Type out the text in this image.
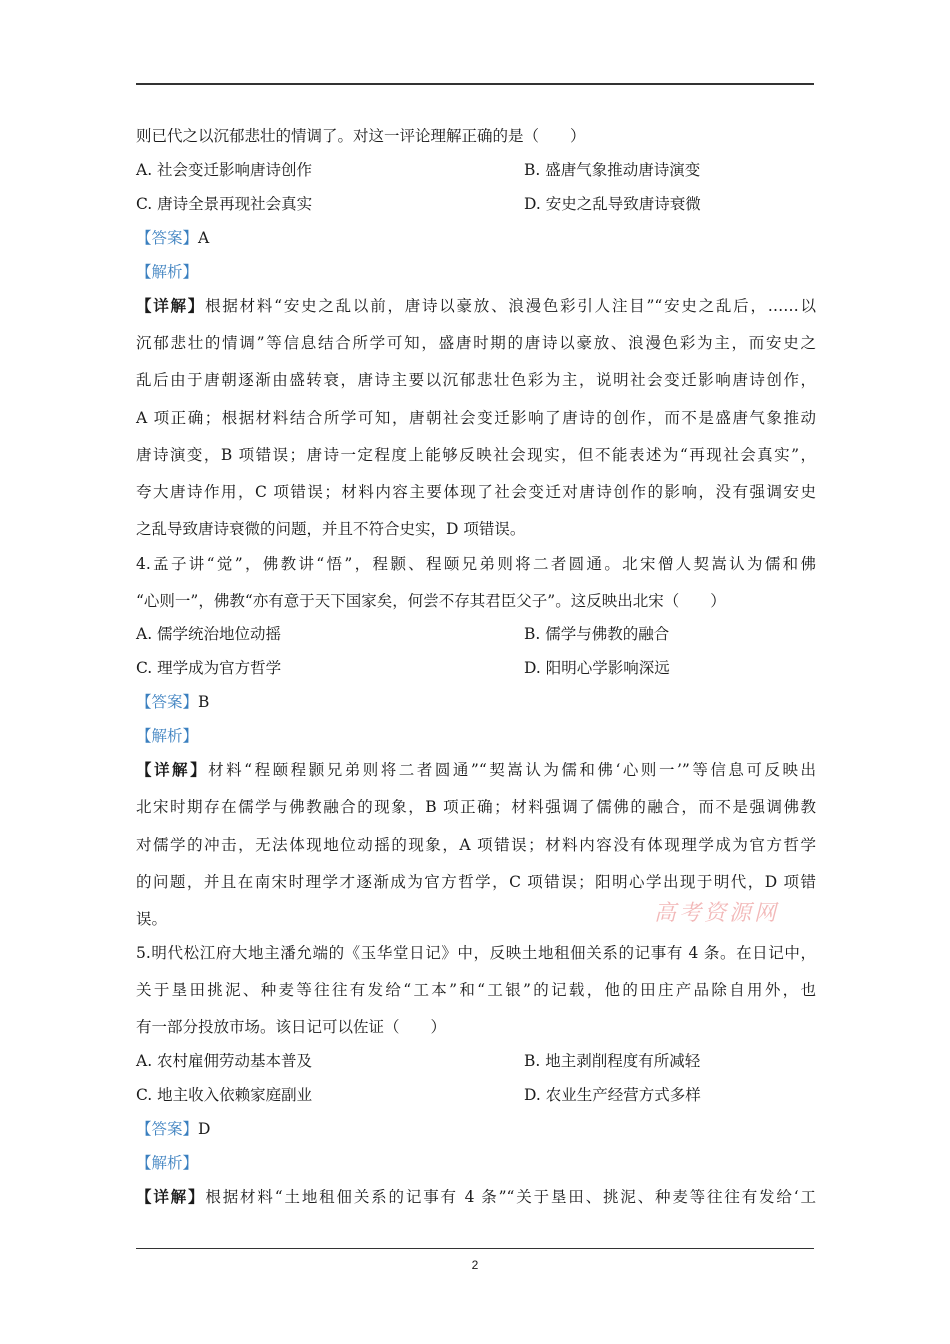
则已代之以沉郁悲壮的情调了。对这一评论理解正确的是（　　）
A. 社会变迁影响唐诗创作	B. 盛唐气象推动唐诗演变
C. 唐诗全景再现社会真实	D. 安史之乱导致唐诗衰微
【答案】A
【解析】
【详解】根据材料“安史之乱以前，唐诗以豪放、浪漫色彩引人注目”“安史之乱后，……以
沉郁悲壮的情调”等信息结合所学可知，盛唐时期的唐诗以豪放、浪漫色彩为主，而安史之
乱后由于唐朝逐渐由盛转衰，唐诗主要以沉郁悲壮色彩为主，说明社会变迁影响唐诗创作，
A 项正确；根据材料结合所学可知，唐朝社会变迁影响了唐诗的创作，而不是盛唐气象推动
唐诗演变，B 项错误；唐诗一定程度上能够反映社会现实，但不能表述为“再现社会真实”，
夸大唐诗作用，C 项错误；材料内容主要体现了社会变迁对唐诗创作的影响，没有强调安史
之乱导致唐诗衰微的问题，并且不符合史实，D 项错误。
4.孟子讲“觉”，佛教讲“悟”，程颢、程颐兄弟则将二者圆通。北宋僧人契嵩认为儒和佛
“心则一”，佛教“亦有意于天下国家矣，何尝不存其君臣父子”。这反映出北宋（　　）
A. 儒学统治地位动摇	B. 儒学与佛教的融合
C. 理学成为官方哲学	D. 阳明心学影响深远
【答案】B
【解析】
【详解】材料“程颐程颢兄弟则将二者圆通”“契嵩认为儒和佛‘心则一’”等信息可反映出
北宋时期存在儒学与佛教融合的现象，B 项正确；材料强调了儒佛的融合，而不是强调佛教
对儒学的冲击，无法体现地位动摇的现象，A 项错误；材料内容没有体现理学成为官方哲学
的问题，并且在南宋时理学才逐渐成为官方哲学，C 项错误；阳明心学出现于明代，D 项错
误。	高考资源网
5.明代松江府大地主潘允端的《玉华堂日记》中，反映土地租佃关系的记事有 4 条。在日记中，
关于垦田挑泥、种麦等往往有发给“工本”和“工银”的记载，他的田庄产品除自用外，也
有一部分投放市场。该日记可以佐证（　　）
A. 农村雇佣劳动基本普及	B. 地主剥削程度有所减轻
C. 地主收入依赖家庭副业	D. 农业生产经营方式多样
【答案】D
【解析】
【详解】根据材料“土地租佃关系的记事有 4 条”“关于垦田、挑泥、种麦等往往有发给‘工
2
